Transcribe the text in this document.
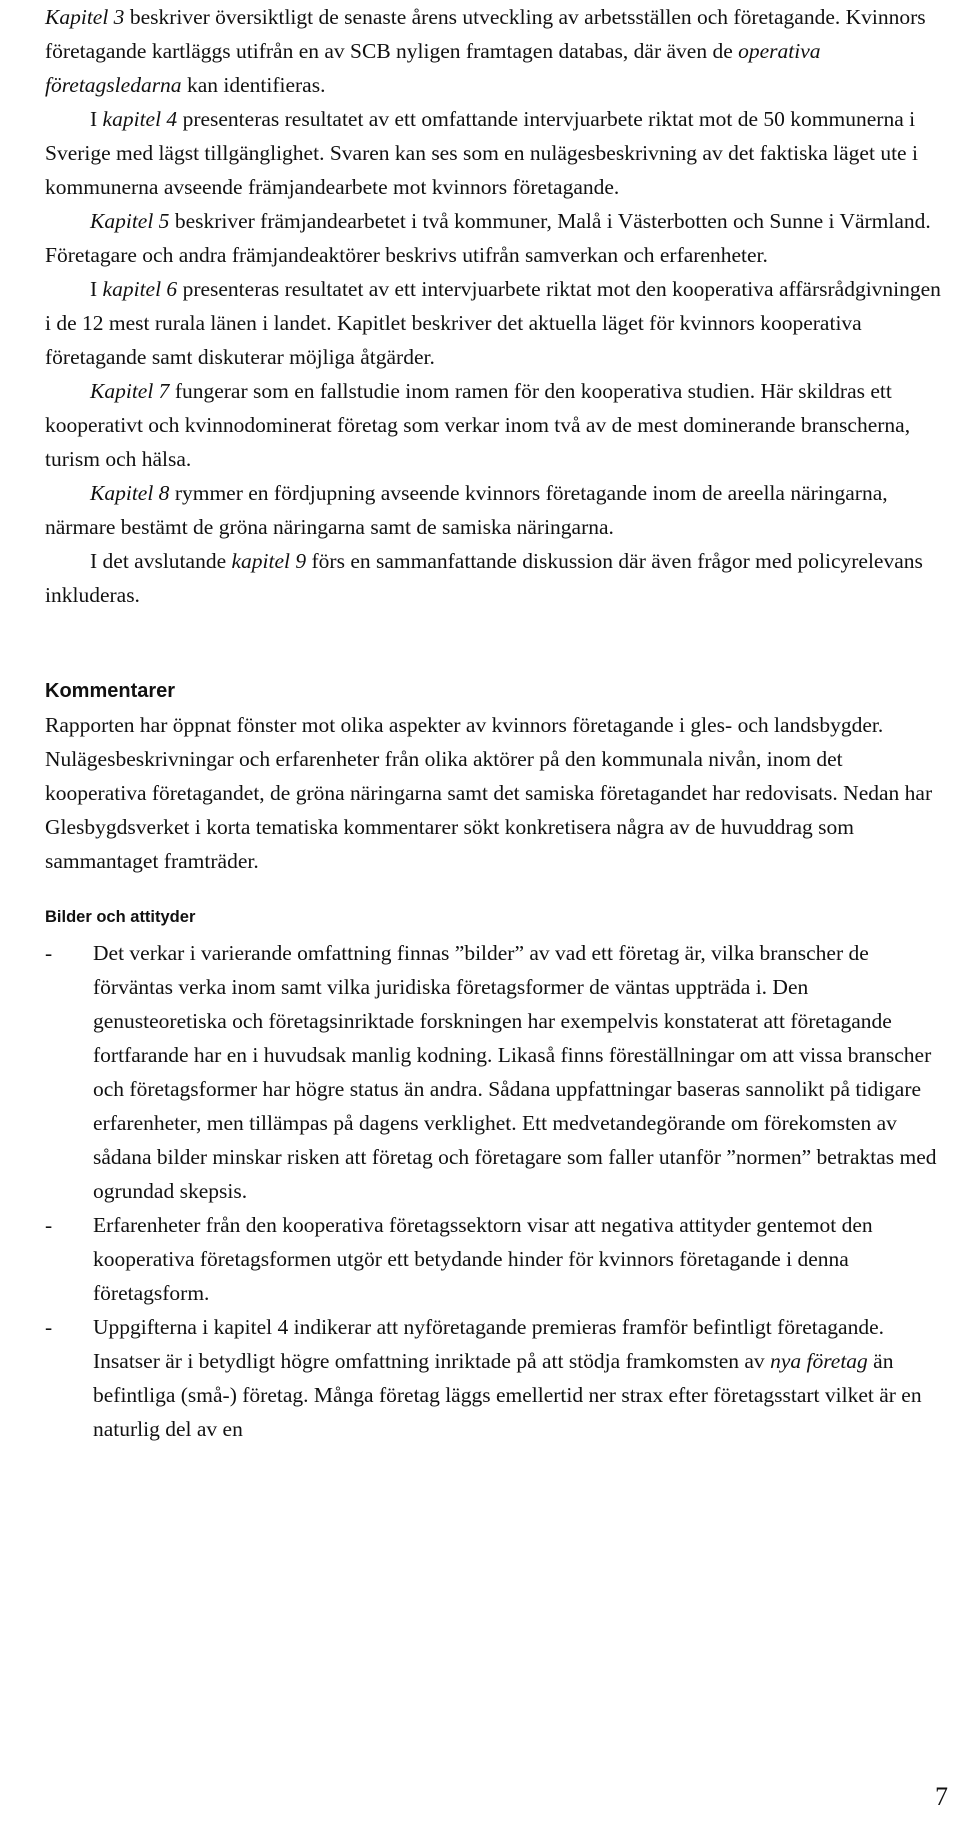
Kapitel 3 beskriver översiktligt de senaste årens utveckling av arbetsställen och företagande. Kvinnors företagande kartläggs utifrån en av SCB nyligen framtagen databas, där även de operativa företagsledarna kan identifieras.

I kapitel 4 presenteras resultatet av ett omfattande intervjuarbete riktat mot de 50 kommunerna i Sverige med lägst tillgänglighet. Svaren kan ses som en nulägesbeskrivning av det faktiska läget ute i kommunerna avseende främjandearbete mot kvinnors företagande.

Kapitel 5 beskriver främjandearbetet i två kommuner, Malå i Västerbotten och Sunne i Värmland. Företagare och andra främjandeaktörer beskrivs utifrån samverkan och erfarenheter.

I kapitel 6 presenteras resultatet av ett intervjuarbete riktat mot den kooperativa affärsrådgivningen i de 12 mest rurala länen i landet. Kapitlet beskriver det aktuella läget för kvinnors kooperativa företagande samt diskuterar möjliga åtgärder.

Kapitel 7 fungerar som en fallstudie inom ramen för den kooperativa studien. Här skildras ett kooperativt och kvinnodominerat företag som verkar inom två av de mest dominerande branscherna, turism och hälsa.

Kapitel 8 rymmer en fördjupning avseende kvinnors företagande inom de areella näringarna, närmare bestämt de gröna näringarna samt de samiska näringarna.

I det avslutande kapitel 9 förs en sammanfattande diskussion där även frågor med policyrelevans inkluderas.

Kommentarer

Rapporten har öppnat fönster mot olika aspekter av kvinnors företagande i gles- och landsbygder. Nulägesbeskrivningar och erfarenheter från olika aktörer på den kommunala nivån, inom det kooperativa företagandet, de gröna näringarna samt det samiska företagandet har redovisats. Nedan har Glesbygdsverket i korta tematiska kommentarer sökt konkretisera några av de huvuddrag som sammantaget framträder.

Bilder och attityder
- Det verkar i varierande omfattning finnas ”bilder” av vad ett företag är, vilka branscher de förväntas verka inom samt vilka juridiska företagsformer de väntas uppträda i. Den genusteoretiska och företagsinriktade forskningen har exempelvis konstaterat att företagande fortfarande har en i huvudsak manlig kodning. Likaså finns föreställningar om att vissa branscher och företagsformer har högre status än andra. Sådana uppfattningar baseras sannolikt på tidigare erfarenheter, men tillämpas på dagens verklighet. Ett medvetandegörande om förekomsten av sådana bilder minskar risken att företag och företagare som faller utanför ”normen” betraktas med ogrundad skepsis.
- Erfarenheter från den kooperativa företagssektorn visar att negativa attityder gentemot den kooperativa företagsformen utgör ett betydande hinder för kvinnors företagande i denna företagsform.
- Uppgifterna i kapitel 4 indikerar att nyföretagande premieras framför befintligt företagande. Insatser är i betydligt högre omfattning inriktade på att stödja framkomsten av nya företag än befintliga (små-) företag. Många företag läggs emellertid ner strax efter företagsstart vilket är en naturlig del av en
7
